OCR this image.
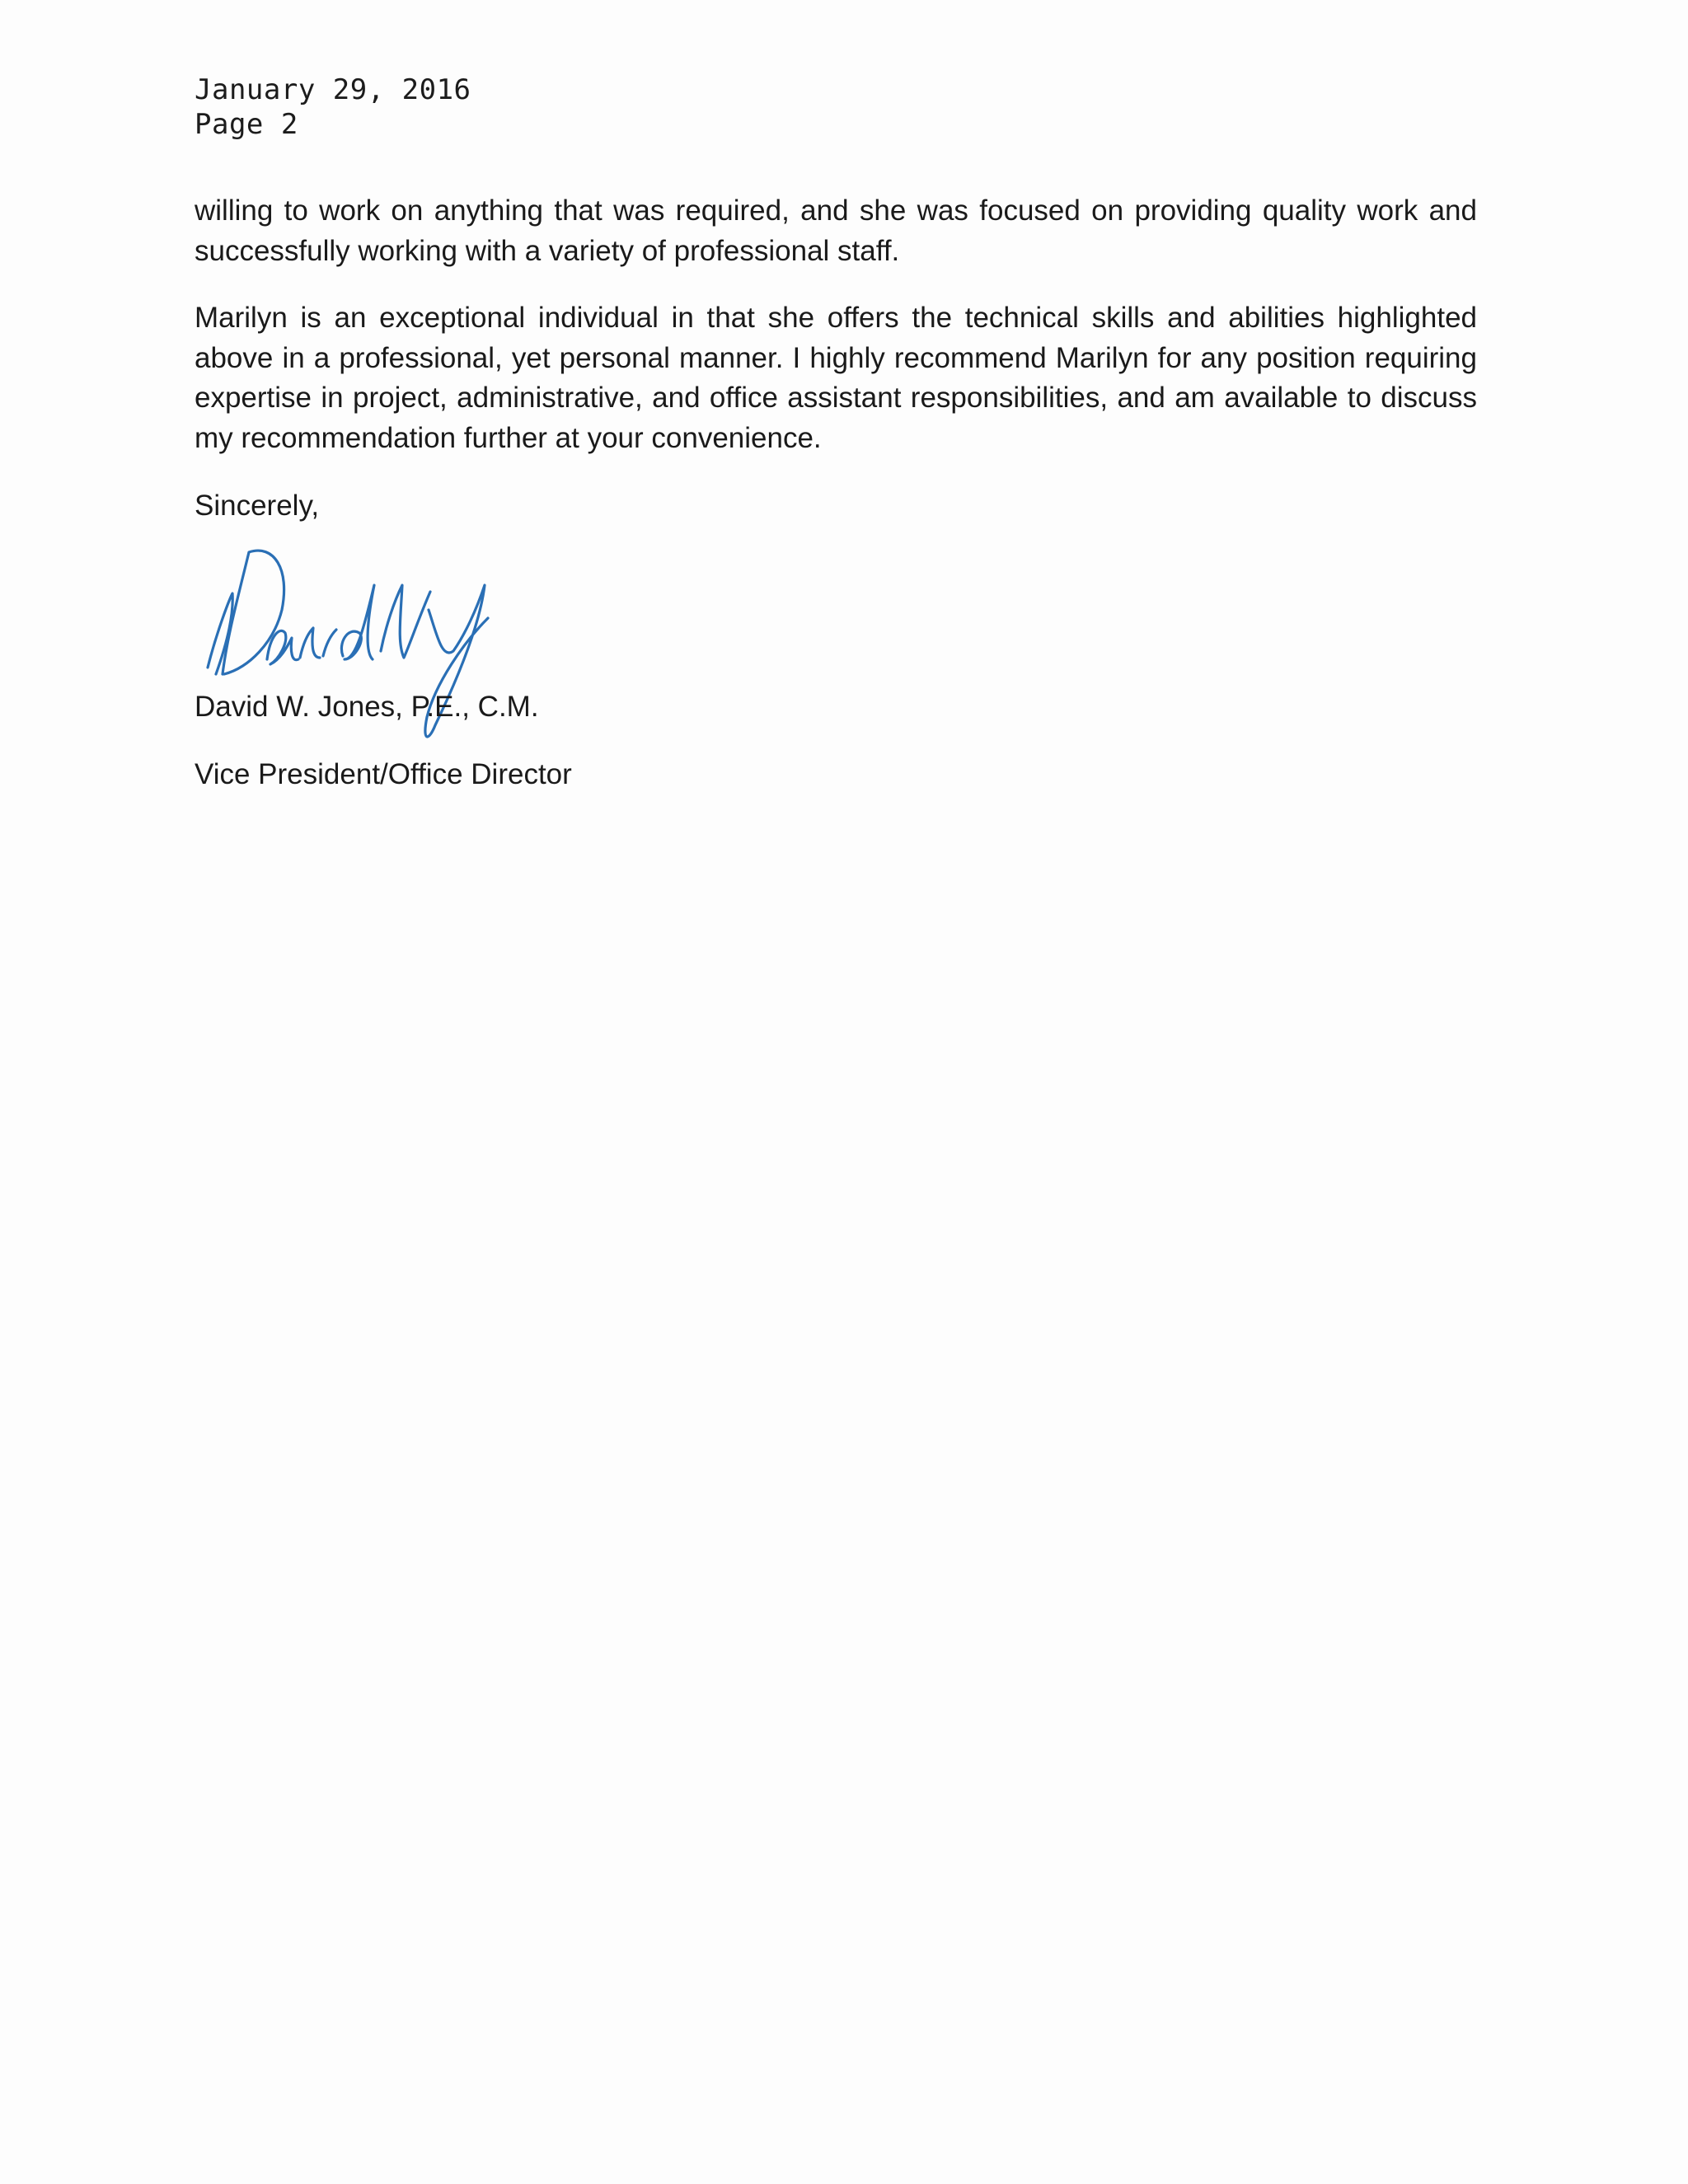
January 29, 2016
Page 2
willing to work on anything that was required, and she was focused on providing quality work and successfully working with a variety of professional staff.
Marilyn is an exceptional individual in that she offers the technical skills and abilities highlighted above in a professional, yet personal manner. I highly recommend Marilyn for any position requiring expertise in project, administrative, and office assistant responsibilities, and am available to discuss my recommendation further at your convenience.
Sincerely,
David W. Jones, P.E., C.M.
Vice President/Office Director
